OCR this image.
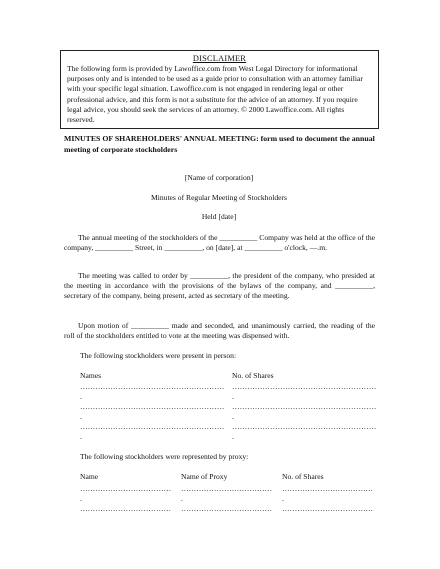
DISCLAIMER

The following form is provided by Lawoffice.com from West Legal Directory for informational purposes only and is intended to be used as a guide prior to consultation with an attorney familiar with your specific legal situation. Lawoffice.com is not engaged in rendering legal or other professional advice, and this form is not a substitute for the advice of an attorney. If you require legal advice, you should seek the services of an attorney. © 2000 Lawoffice.com. All rights reserved.

MINUTES OF SHAREHOLDERS' ANNUAL MEETING: form used to document the annual meeting of corporate stockholders
[Name of corporation]
Minutes of Regular Meeting of Stockholders
Held [date]

The annual meeting of the stockholders of the __________ Company was held at the office of the company, __________ Street, in __________, on [date], at __________ o'clock, —.m.

The meeting was called to order by __________, the president of the company, who presided at the meeting in accordance with the provisions of the bylaws of the company, and __________, secretary of the company, being present, acted as secretary of the meeting.

Upon motion of __________ made and seconded, and unanimously carried, the reading of the roll of the stockholders entitled to vote at the meeting was dispensed with.

The following stockholders were present in person:
Names	No. of Shares
…………………………………………………	…………………………………………………
.	.
…………………………………………………	…………………………………………………
.	.
…………………………………………………	…………………………………………………
.	.
The following stockholders were represented by proxy:
Name	Name of Proxy	No. of Shares
………………………………	………………………………	………………………………
.	.	.
………………………………	………………………………	………………………………
